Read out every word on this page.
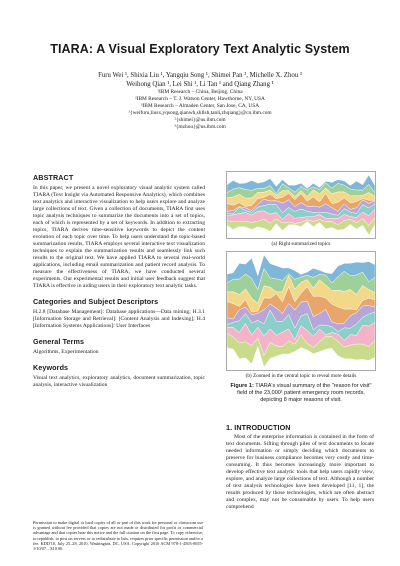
TIARA: A Visual Exploratory Text Analytic System
Furu Wei ¹, Shixia Liu ¹, Yangqiu Song ¹, Shimei Pan ², Michelle X. Zhou ³
Weihong Qian ¹, Lei Shi ¹, Li Tan ¹ and Qiang Zhang ¹
¹IBM Research – China, Beijing, China
²IBM Research – T. J. Watson Center, Hawthorne, NY, USA
³IBM Research – Almaden Center, San Jose, CA, USA
¹{weifuru,liusx,yqsong,qianwh,shllsh,tanli,zhqiang}@cn.ibm.com
²{shimei}@us.ibm.com
³{mzhou}@us.ibm.com
ABSTRACT

In this paper, we present a novel exploratory visual analytic system called TIARA (Text Insight via Automated Responsive Analytics), which combines text analytics and interactive visualization to help users explore and analyze large collections of text. Given a collection of documents, TIARA first uses topic analysis techniques to summarize the documents into a set of topics, each of which is represented by a set of keywords. In addition to extracting topics, TIARA derives time-sensitive keywords to depict the content evolution of each topic over time. To help users understand the topic-based summarization results, TIARA employs several interactive text visualization techniques to explain the summarization results and seamlessly link such results to the original text. We have applied TIARA to several real-world applications, including email summarization and patient record analysis. To measure the effectiveness of TIARA, we have conducted several experiments. Our experimental results and initial user feedback suggest that TIARA is effective in aiding users in their exploratory text analytic tasks.

Categories and Subject Descriptors

H.2.8 [Database Management]: Database applications—Data mining; H.3.1 [Information Storage and Retrieval]: [Content Analysis and Indexing]; H.4 [Information Systems Applications]: User Interfaces

General Terms

Algorithms, Experimentation

Keywords

Visual text analytics, exploratory analytics, document summarization, topic analysis, interactive visualization

Permission to make digital or hard copies of all or part of this work for personal or classroom use is granted without fee provided that copies are not made or distributed for profit or commercial advantage and that copies bear this notice and the full citation on the first page. To copy otherwise, to republish, to post on servers or to redistribute to lists, requires prior specific permission and/or a fee. KDD'10, July 25–28, 2010, Washington, DC, USA. Copyright 2010 ACM 978-1-4503-0055-1/10/07 ...$10.00.
(a) Right summarized topics
(b) Zoomed in the central topic to reveal more details
Figure 1: TIARA's visual summary of the "reason for visit" field of the 23,000¹ patient emergency room records, depicting 8 major reasons of visit.
1. INTRODUCTION

Most of the enterprise information is contained in the form of text documents. Sifting through piles of text documents to locate needed information or simply deciding which documents to preserve for business compliance becomes very costly and time-consuming. It thus becomes increasingly more important to develop effective text analytic tools that help users rapidly view, explore, and analyze large collections of text. Although a number of text analysis technologies have been developed [11, 1], the results produced by those technologies, which are often abstract and complex, may not be consumable by users. To help users comprehend
